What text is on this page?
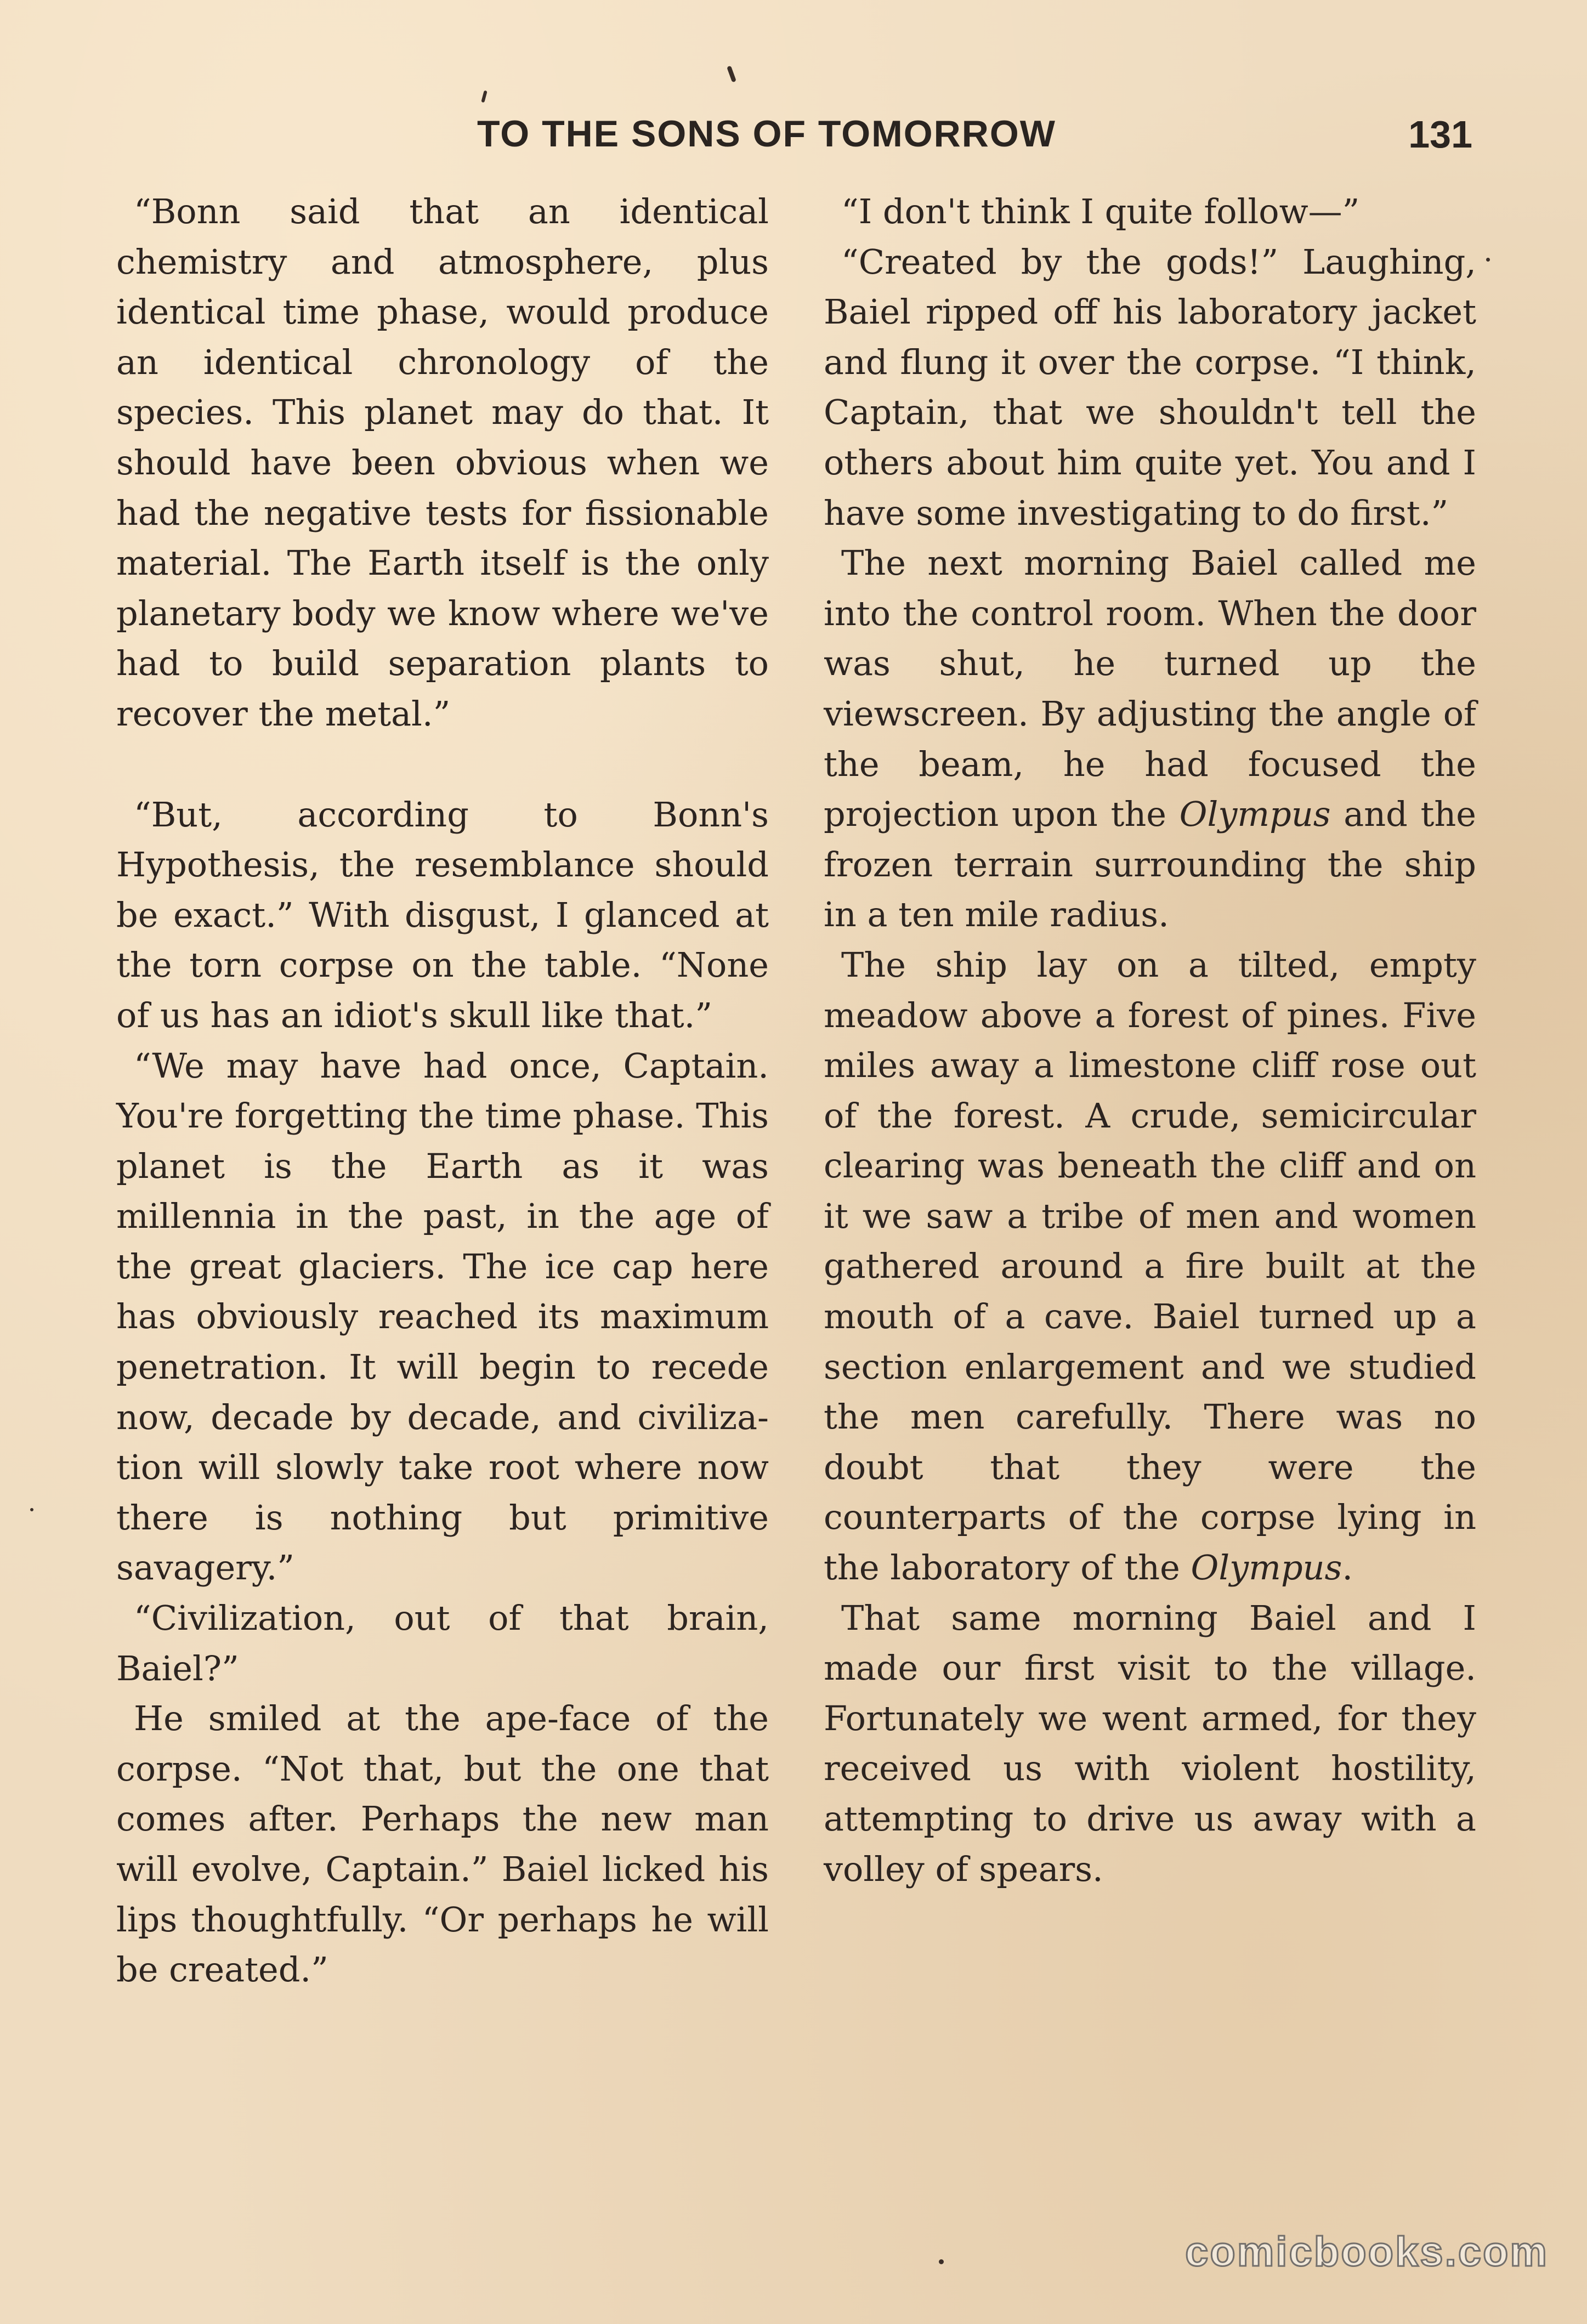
TO THE SONS OF TOMORROW	131

“Bonn said that an identical chemistry and atmosphere, plus identical time phase, would produce an identical chronology of the species. This planet may do that. It should have been obvious when we had the negative tests for fissionable material. The Earth itself is the only planetary body we know where we've had to build separation plants to recover the metal.”

“But, according to Bonn's Hypothesis, the resemblance should be exact.” With disgust, I glanced at the torn corpse on the table. “None of us has an idiot's skull like that.”

“We may have had once, Captain. You're forgetting the time phase. This planet is the Earth as it was millennia in the past, in the age of the great glaciers. The ice cap here has obviously reached its maximum penetration. It will begin to recede now, decade by decade, and civilization will slowly take root where now there is nothing but primitive savagery.”

“Civilization, out of that brain, Baiel?”

He smiled at the ape-face of the corpse. “Not that, but the one that comes after. Perhaps the new man will evolve, Captain.” Baiel licked his lips thoughtfully. “Or perhaps he will be created.”

“I don't think I quite follow—”

“Created by the gods!” Laughing, Baiel ripped off his laboratory jacket and flung it over the corpse. “I think, Captain, that we shouldn't tell the others about him quite yet. You and I have some investigating to do first.”

The next morning Baiel called me into the control room. When the door was shut, he turned up the viewscreen. By adjusting the angle of the beam, he had focused the projection upon the Olympus and the frozen terrain surrounding the ship in a ten mile radius.

The ship lay on a tilted, empty meadow above a forest of pines. Five miles away a limestone cliff rose out of the forest. A crude, semicircular clearing was beneath the cliff and on it we saw a tribe of men and women gathered around a fire built at the mouth of a cave. Baiel turned up a section enlargement and we studied the men carefully. There was no doubt that they were the counterparts of the corpse lying in the laboratory of the Olympus.

That same morning Baiel and I made our first visit to the village. Fortunately we went armed, for they received us with violent hostility, attempting to drive us away with a volley of spears.

comicbooks.com
